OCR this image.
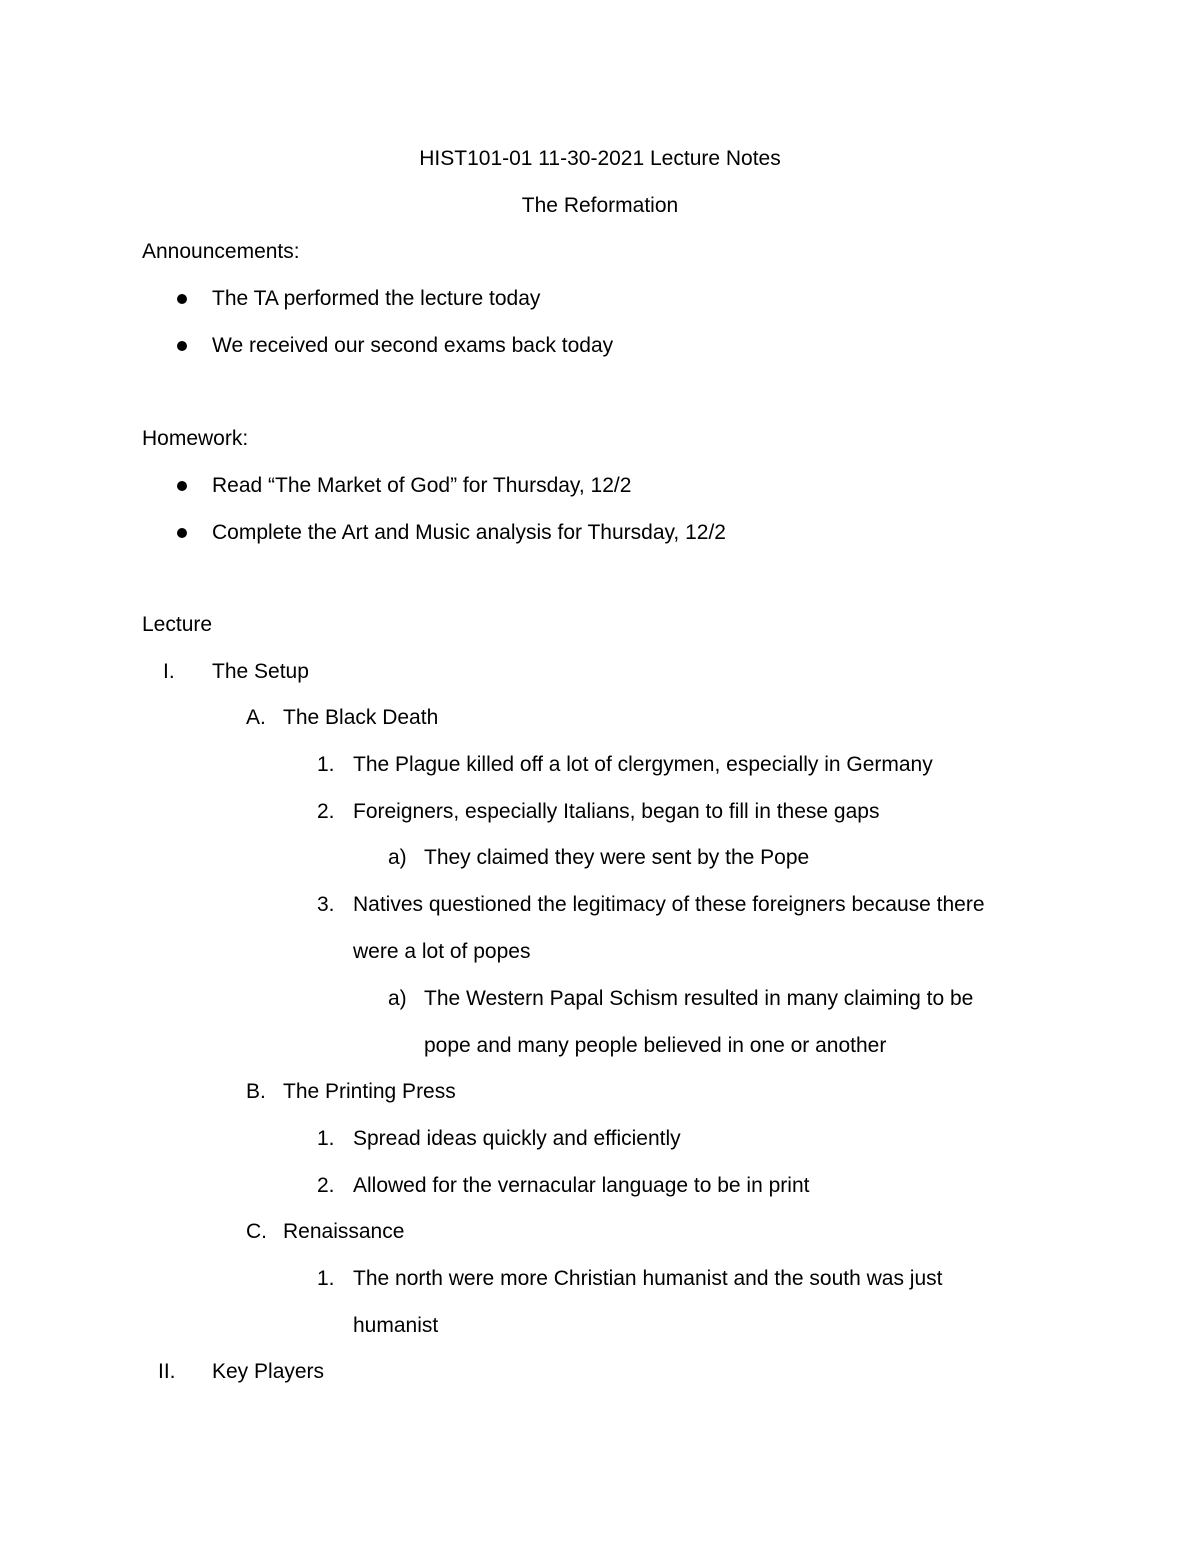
HIST101-01 11-30-2021 Lecture Notes
The Reformation
Announcements:
The TA performed the lecture today
We received our second exams back today
Homework:
Read “The Market of God” for Thursday, 12/2
Complete the Art and Music analysis for Thursday, 12/2
Lecture
I. The Setup
A. The Black Death
1. The Plague killed off a lot of clergymen, especially in Germany
2. Foreigners, especially Italians, began to fill in these gaps
a) They claimed they were sent by the Pope
3. Natives questioned the legitimacy of these foreigners because there
were a lot of popes
a) The Western Papal Schism resulted in many claiming to be
pope and many people believed in one or another
B. The Printing Press
1. Spread ideas quickly and efficiently
2. Allowed for the vernacular language to be in print
C. Renaissance
1. The north were more Christian humanist and the south was just
humanist
II. Key Players
